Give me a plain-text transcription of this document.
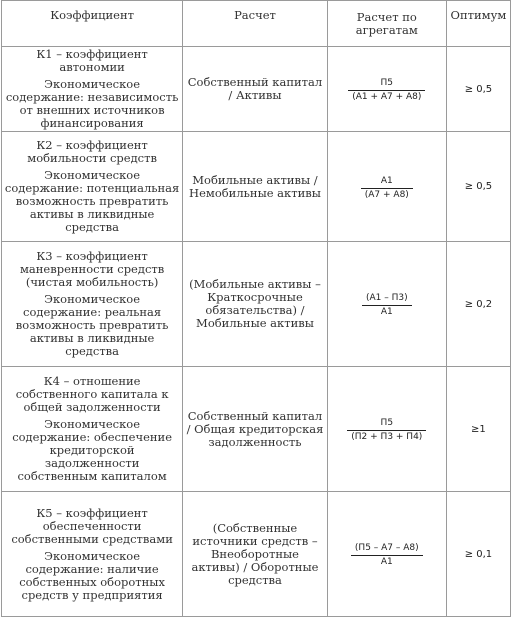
Коэффициент	Расчет	Расчет по агрегатам	Оптимум

К1 – коэффициент автономии
Экономическое содержание: независимость от внешних источников финансирования	Собственный капитал / Активы	$\frac{П5}{(А1 + А7 + А8)}$	≥ 0,5

К2 – коэффициент мобильности средств
Экономическое содержание: потенциальная возможность превратить активы в ликвидные средства	Мобильные активы / Немобильные активы	$\frac{А1}{(А7 + А8)}$	≥ 0,5

К3 – коэффициент маневренности средств (чистая мобильность)
Экономическое содержание: реальная возможность превратить активы в ликвидные средства	(Мобильные активы – Краткосрочные обязательства) / Мобильные активы	$\frac{(А1 - П3)}{А1}$	≥ 0,2

К4 – отношение собственного капитала к общей задолженности
Экономическое содержание: обеспечение кредиторской задолженности собственным капиталом	Собственный капитал / Общая кредиторская задолженность	$\frac{П5}{(П2 + П3 + П4)}$	≥1

К5 – коэффициент обеспеченности собственными средствами
Экономическое содержание: наличие собственных оборотных средств у предприятия	(Собственные источники средств – Внеоборотные активы) / Оборотные средства	$\frac{(П5 - А7 - А8)}{А1}$	≥ 0,1
